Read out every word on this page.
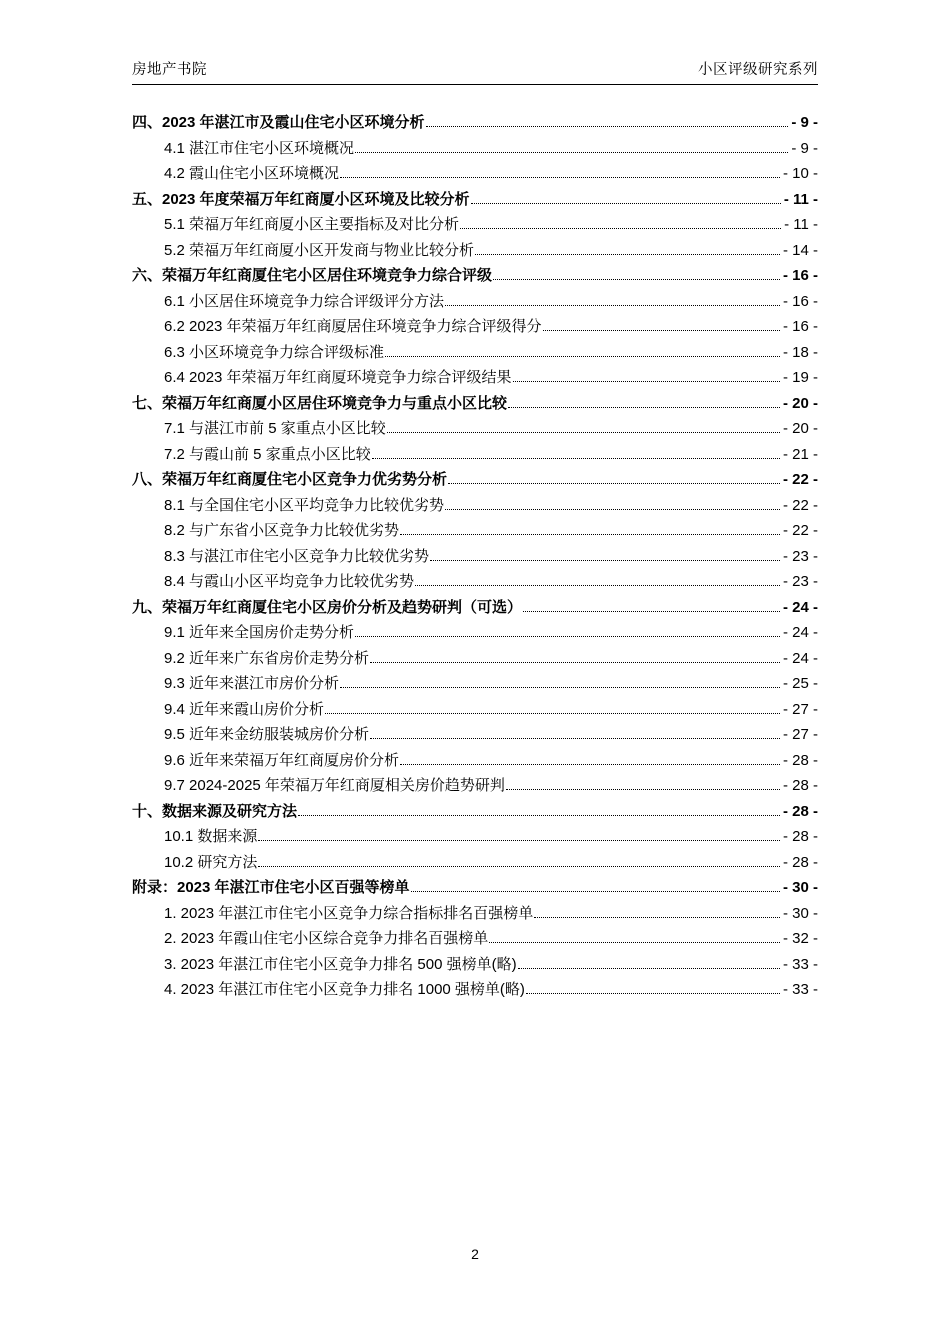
房地产书院	小区评级研究系列
四、2023 年湛江市及霞山住宅小区环境分析	- 9 -
4.1 湛江市住宅小区环境概况	- 9 -
4.2 霞山住宅小区环境概况	- 10 -
五、2023 年度荣福万年红商厦小区环境及比较分析	- 11 -
5.1 荣福万年红商厦小区主要指标及对比分析	- 11 -
5.2 荣福万年红商厦小区开发商与物业比较分析	- 14 -
六、荣福万年红商厦住宅小区居住环境竞争力综合评级	- 16 -
6.1 小区居住环境竞争力综合评级评分方法	- 16 -
6.2 2023 年荣福万年红商厦居住环境竞争力综合评级得分	- 16 -
6.3 小区环境竞争力综合评级标准	- 18 -
6.4 2023 年荣福万年红商厦环境竞争力综合评级结果	- 19 -
七、荣福万年红商厦小区居住环境竞争力与重点小区比较	- 20 -
7.1 与湛江市前 5 家重点小区比较	- 20 -
7.2 与霞山前 5 家重点小区比较	- 21 -
八、荣福万年红商厦住宅小区竞争力优劣势分析	- 22 -
8.1 与全国住宅小区平均竞争力比较优劣势	- 22 -
8.2 与广东省小区竞争力比较优劣势	- 22 -
8.3 与湛江市住宅小区竞争力比较优劣势	- 23 -
8.4 与霞山小区平均竞争力比较优劣势	- 23 -
九、荣福万年红商厦住宅小区房价分析及趋势研判（可选）	- 24 -
9.1 近年来全国房价走势分析	- 24 -
9.2 近年来广东省房价走势分析	- 24 -
9.3 近年来湛江市房价分析	- 25 -
9.4 近年来霞山房价分析	- 27 -
9.5 近年来金纺服装城房价分析	- 27 -
9.6 近年来荣福万年红商厦房价分析	- 28 -
9.7 2024-2025 年荣福万年红商厦相关房价趋势研判	- 28 -
十、数据来源及研究方法	- 28 -
10.1 数据来源	- 28 -
10.2 研究方法	- 28 -
附录：2023 年湛江市住宅小区百强等榜单	- 30 -
1. 2023 年湛江市住宅小区竞争力综合指标排名百强榜单	- 30 -
2. 2023 年霞山住宅小区综合竞争力排名百强榜单	- 32 -
3. 2023 年湛江市住宅小区竞争力排名 500 强榜单(略)	- 33 -
4. 2023 年湛江市住宅小区竞争力排名 1000 强榜单(略)	- 33 -
2
